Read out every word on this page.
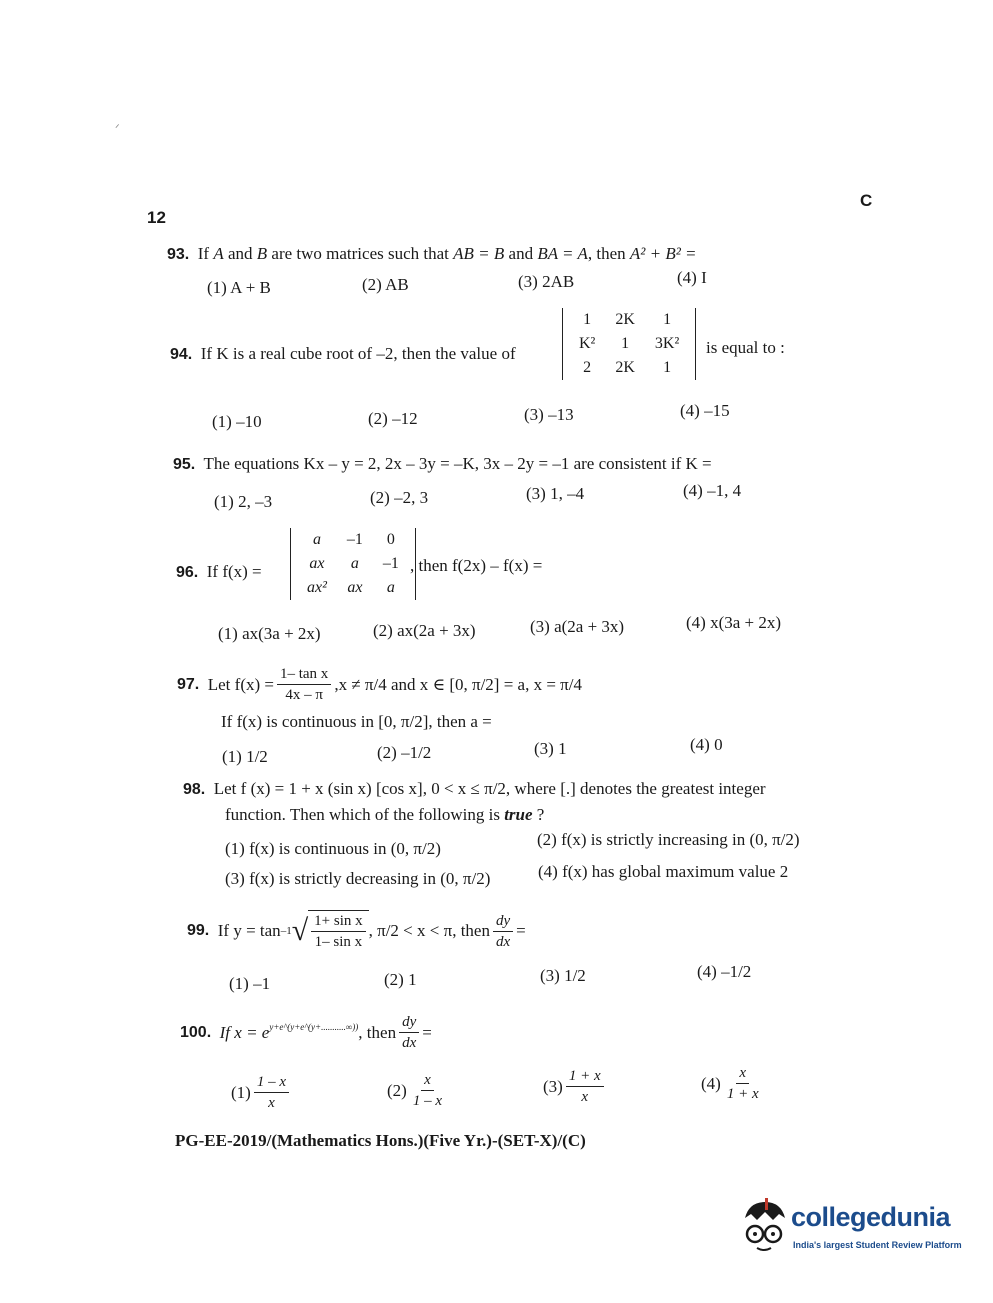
ᐟ
12
C
93. If A and B are two matrices such that AB = B and BA = A, then A² + B² =
(1) A + B	(2) AB	(3) 2AB	(4) I
94. If K is a real cube root of –2, then the value of
1	2K	1
K²	1	3K²
2	2K	1
is equal to :
(1) –10	(2) –12	(3) –13	(4) –15
95. The equations Kx – y = 2, 2x – 3y = –K, 3x – 2y = –1 are consistent if K =
(1) 2, –3	(2) –2, 3	(3) 1, –4	(4) –1, 4
96. If f(x) =
a	–1	0
ax	a	–1
ax²	ax	a
, then f(2x) – f(x) =
(1) ax(3a + 2x)	(2) ax(2a + 3x)	(3) a(2a + 3x)	(4) x(3a + 2x)
97.
Let $f(x) = \frac{\text{1– tan x}}{4x - \pi} ,x \ne \pi/4$ and x ∈ [0, π/2] = a, x = π/4
If f(x) is continuous in [0, π/2], then a =
(1) 1/2	(2) –1/2	(3) 1	(4) 0
98. Let f (x) = 1 + x (sin x) [cos x], 0 < x ≤ π/2, where [.] denotes the greatest integer
function. Then which of the following is true ?
(1) f(x) is continuous in (0, π/2)	(2) f(x) is strictly increasing in (0, π/2)
(3) f(x) is strictly decreasing in (0, π/2)	(4) f(x) has global maximum value 2
99.
If y = tan –1 √ $\frac{\text{1+ sin x}}{\text{1– sin x}}$ , π/2 < x < π, then $\frac{dy}{dx}$ =
(1) –1	(2) 1	(3) 1/2	(4) –1/2
100.
If $x = e^{y+e\^{}(y+e\^{}(y+...........\infty))}$ , then $\frac{dy}{dx}$ =
$(1) \frac{1 - x}{x}$	$(2) \frac{x}{1 - x}$	$(3) \frac{1 + x}{x}$	$(4) \frac{x}{1 + x}$
PG-EE-2019/(Mathematics Hons.)(Five Yr.)-(SET-X)/(C)
collegedunia
India's largest Student Review Platform
